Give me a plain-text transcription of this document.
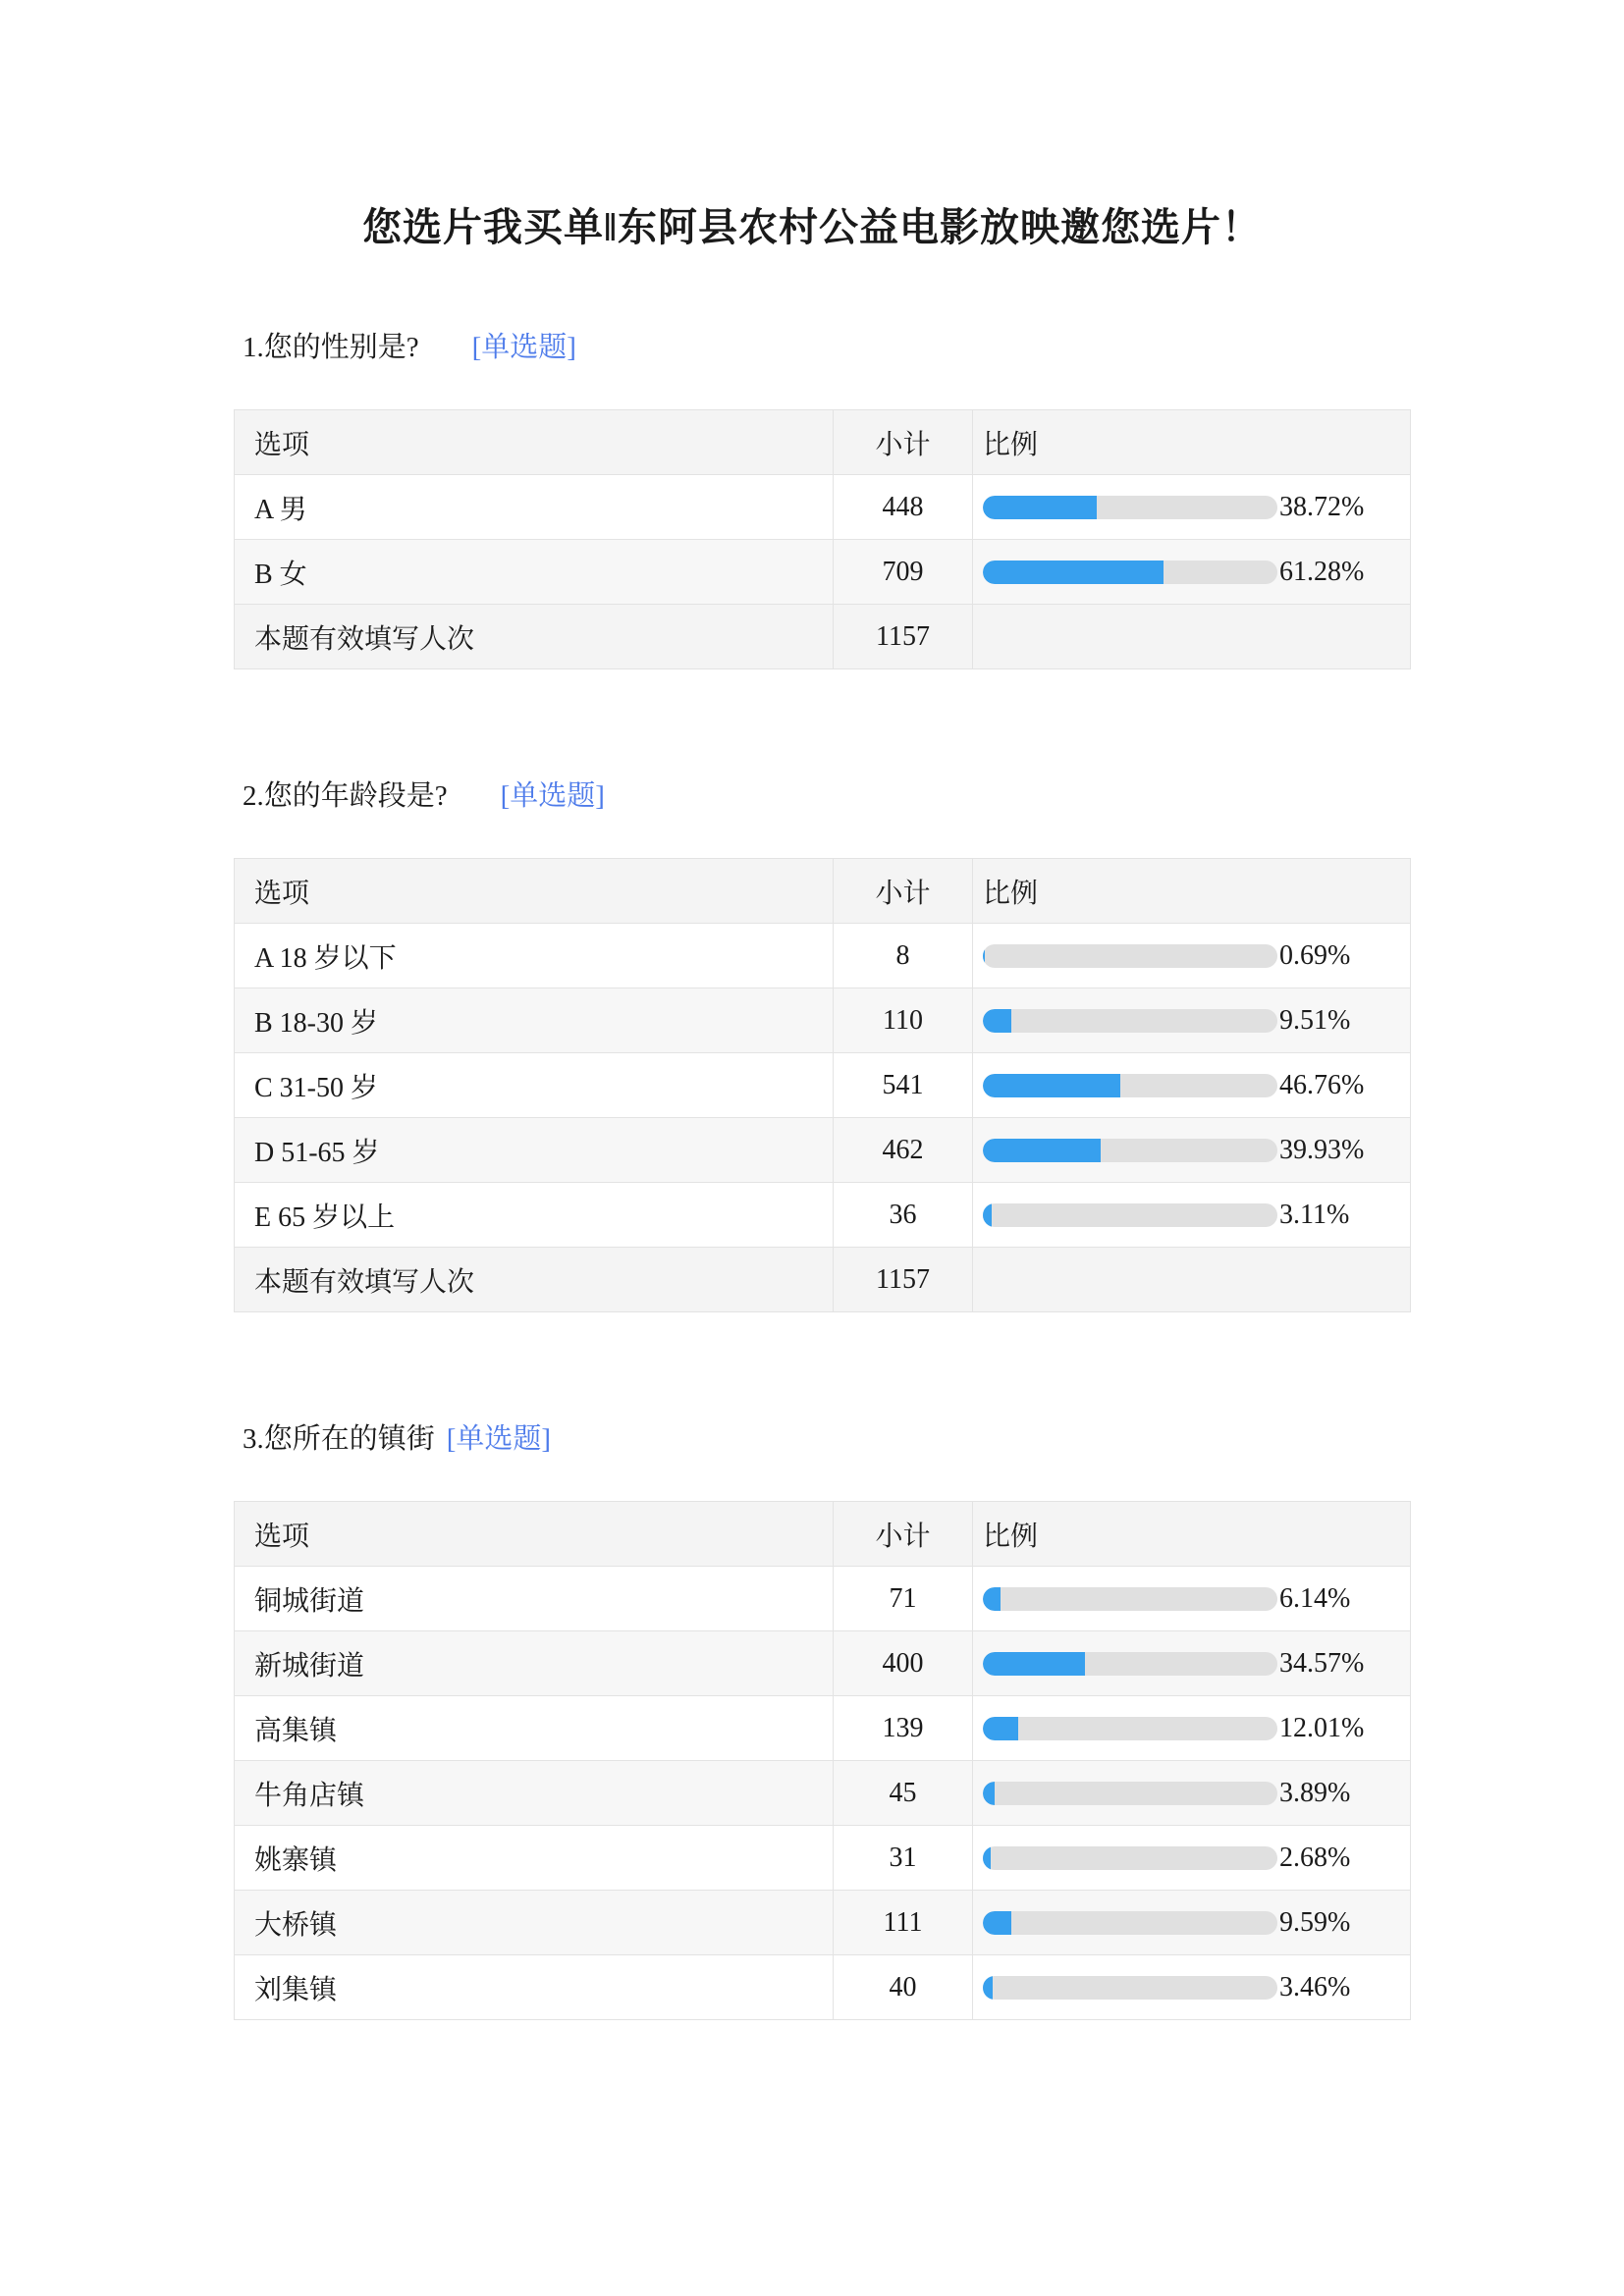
您选片我买单‖东阿县农村公益电影放映邀您选片！
1.您的性别是? [单选题]
选项	小计	比例
A 男	448	38.72%

B 女	709	61.28%

本题有效填写人次	1157	
2.您的年龄段是? [单选题]
选项	小计	比例
A 18 岁以下	8	0.69%

B 18-30 岁	110	9.51%

C 31-50 岁	541	46.76%

D 51-65 岁	462	39.93%

E 65 岁以上	36	3.11%

本题有效填写人次	1157	
3.您所在的镇街 [单选题]
选项	小计	比例
铜城街道	71	6.14%

新城街道	400	34.57%

高集镇	139	12.01%

牛角店镇	45	3.89%

姚寨镇	31	2.68%

大桥镇	111	9.59%

刘集镇	40	3.46%
